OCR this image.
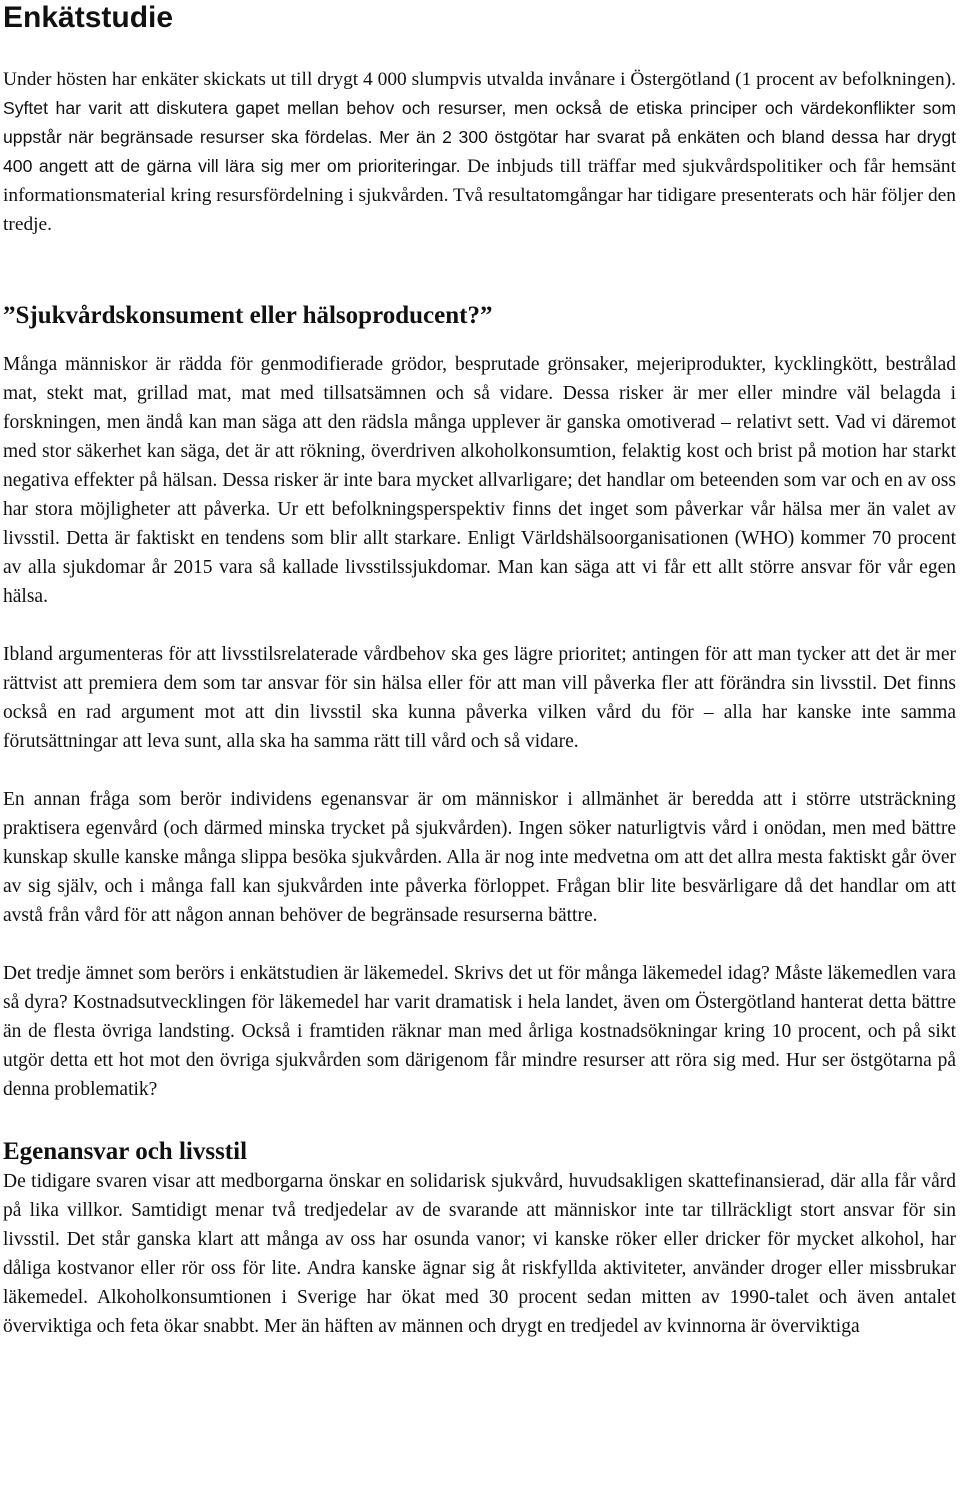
Enkätstudie

Under hösten har enkäter skickats ut till drygt 4 000 slumpvis utvalda invånare i Östergötland (1 procent av befolkningen). Syftet har varit att diskutera gapet mellan behov och resurser, men också de etiska principer och värdekonflikter som uppstår när begränsade resurser ska fördelas. Mer än 2 300 östgötar har svarat på enkäten och bland dessa har drygt 400 angett att de gärna vill lära sig mer om prioriteringar. De inbjuds till träffar med sjukvårdspolitiker och får hemsänt informationsmaterial kring resursfördelning i sjukvården. Två resultatomgångar har tidigare presenterats och här följer den tredje.

”Sjukvårdskonsument eller hälsoproducent?”

Många människor är rädda för genmodifierade grödor, besprutade grönsaker, mejeriprodukter, kycklingkött, bestrålad mat, stekt mat, grillad mat, mat med tillsatsämnen och så vidare. Dessa risker är mer eller mindre väl belagda i forskningen, men ändå kan man säga att den rädsla många upplever är ganska omotiverad – relativt sett. Vad vi däremot med stor säkerhet kan säga, det är att rökning, överdriven alkoholkonsumtion, felaktig kost och brist på motion har starkt negativa effekter på hälsan. Dessa risker är inte bara mycket allvarligare; det handlar om beteenden som var och en av oss har stora möjligheter att påverka. Ur ett befolkningsperspektiv finns det inget som påverkar vår hälsa mer än valet av livsstil. Detta är faktiskt en tendens som blir allt starkare. Enligt Världshälsoorganisationen (WHO) kommer 70 procent av alla sjukdomar år 2015 vara så kallade livsstilssjukdomar. Man kan säga att vi får ett allt större ansvar för vår egen hälsa.

Ibland argumenteras för att livsstilsrelaterade vårdbehov ska ges lägre prioritet; antingen för att man tycker att det är mer rättvist att premiera dem som tar ansvar för sin hälsa eller för att man vill påverka fler att förändra sin livsstil. Det finns också en rad argument mot att din livsstil ska kunna påverka vilken vård du för – alla har kanske inte samma förutsättningar att leva sunt, alla ska ha samma rätt till vård och så vidare.

En annan fråga som berör individens egenansvar är om människor i allmänhet är beredda att i större utsträckning praktisera egenvård (och därmed minska trycket på sjukvården). Ingen söker naturligtvis vård i onödan, men med bättre kunskap skulle kanske många slippa besöka sjukvården. Alla är nog inte medvetna om att det allra mesta faktiskt går över av sig själv, och i många fall kan sjukvården inte påverka förloppet. Frågan blir lite besvärligare då det handlar om att avstå från vård för att någon annan behöver de begränsade resurserna bättre.

Det tredje ämnet som berörs i enkätstudien är läkemedel. Skrivs det ut för många läkemedel idag? Måste läkemedlen vara så dyra? Kostnadsutvecklingen för läkemedel har varit dramatisk i hela landet, även om Östergötland hanterat detta bättre än de flesta övriga landsting. Också i framtiden räknar man med årliga kostnadsökningar kring 10 procent, och på sikt utgör detta ett hot mot den övriga sjukvården som därigenom får mindre resurser att röra sig med. Hur ser östgötarna på denna problematik?

Egenansvar och livsstil

De tidigare svaren visar att medborgarna önskar en solidarisk sjukvård, huvudsakligen skattefinansierad, där alla får vård på lika villkor. Samtidigt menar två tredjedelar av de svarande att människor inte tar tillräckligt stort ansvar för sin livsstil. Det står ganska klart att många av oss har osunda vanor; vi kanske röker eller dricker för mycket alkohol, har dåliga kostvanor eller rör oss för lite. Andra kanske ägnar sig åt riskfyllda aktiviteter, använder droger eller missbrukar läkemedel. Alkoholkonsumtionen i Sverige har ökat med 30 procent sedan mitten av 1990-talet och även antalet överviktiga och feta ökar snabbt. Mer än häften av männen och drygt en tredjedel av kvinnorna är överviktiga
